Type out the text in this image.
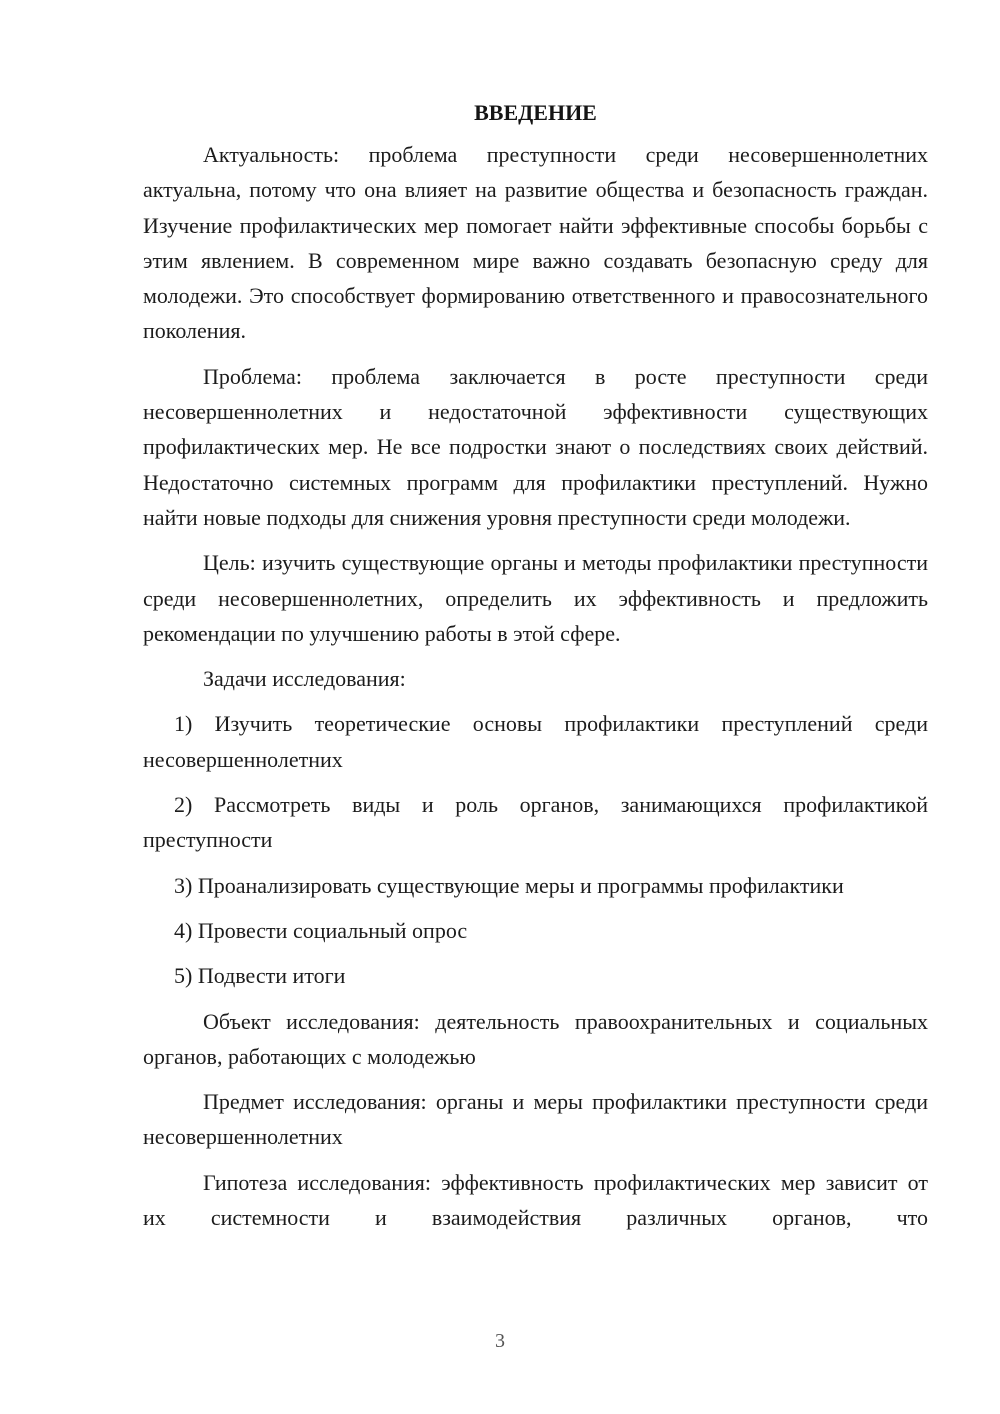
ВВЕДЕНИЕ

Актуальность: проблема преступности среди несовершеннолетних актуальна, потому что она влияет на развитие общества и безопасность граждан. Изучение профилактических мер помогает найти эффективные способы борьбы с этим явлением. В современном мире важно создавать безопасную среду для молодежи. Это способствует формированию ответственного и правосознательного поколения.

Проблема: проблема заключается в росте преступности среди несовершеннолетних и недостаточной эффективности существующих профилактических мер. Не все подростки знают о последствиях своих действий. Недостаточно системных программ для профилактики преступлений. Нужно найти новые подходы для снижения уровня преступности среди молодежи.

Цель: изучить существующие органы и методы профилактики преступности среди несовершеннолетних, определить их эффективность и предложить рекомендации по улучшению работы в этой сфере.

Задачи исследования:

1) Изучить теоретические основы профилактики преступлений среди несовершеннолетних

2) Рассмотреть виды и роль органов, занимающихся профилактикой преступности

3) Проанализировать существующие меры и программы профилактики

4) Провести социальный опрос

5) Подвести итоги

Объект исследования: деятельность правоохранительных и социальных органов, работающих с молодежью

Предмет исследования: органы и меры профилактики преступности среди несовершеннолетних

Гипотеза исследования: эффективность профилактических мер зависит от их системности и взаимодействия различных органов, что

3
